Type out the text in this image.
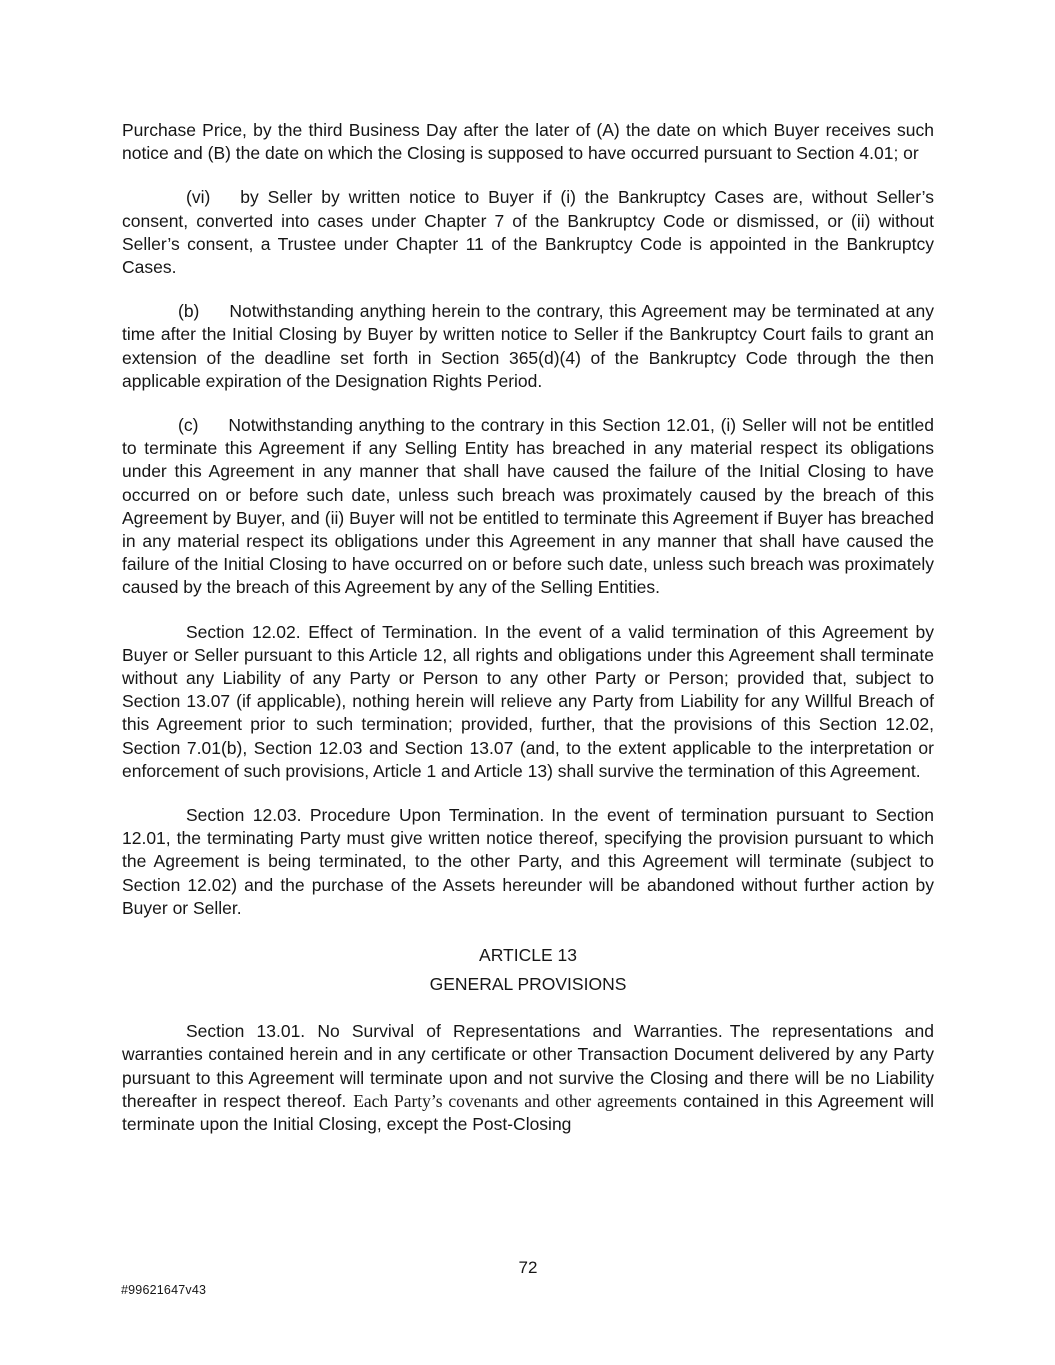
Purchase Price, by the third Business Day after the later of (A) the date on which Buyer receives such notice and (B) the date on which the Closing is supposed to have occurred pursuant to Section 4.01; or

(vi) by Seller by written notice to Buyer if (i) the Bankruptcy Cases are, without Seller’s consent, converted into cases under Chapter 7 of the Bankruptcy Code or dismissed, or (ii) without Seller’s consent, a Trustee under Chapter 11 of the Bankruptcy Code is appointed in the Bankruptcy Cases.

(b) Notwithstanding anything herein to the contrary, this Agreement may be terminated at any time after the Initial Closing by Buyer by written notice to Seller if the Bankruptcy Court fails to grant an extension of the deadline set forth in Section 365(d)(4) of the Bankruptcy Code through the then applicable expiration of the Designation Rights Period.

(c) Notwithstanding anything to the contrary in this Section 12.01, (i) Seller will not be entitled to terminate this Agreement if any Selling Entity has breached in any material respect its obligations under this Agreement in any manner that shall have caused the failure of the Initial Closing to have occurred on or before such date, unless such breach was proximately caused by the breach of this Agreement by Buyer, and (ii) Buyer will not be entitled to terminate this Agreement if Buyer has breached in any material respect its obligations under this Agreement in any manner that shall have caused the failure of the Initial Closing to have occurred on or before such date, unless such breach was proximately caused by the breach of this Agreement by any of the Selling Entities.

Section 12.02. Effect of Termination. In the event of a valid termination of this Agreement by Buyer or Seller pursuant to this Article 12, all rights and obligations under this Agreement shall terminate without any Liability of any Party or Person to any other Party or Person; provided that, subject to Section 13.07 (if applicable), nothing herein will relieve any Party from Liability for any Willful Breach of this Agreement prior to such termination; provided, further, that the provisions of this Section 12.02, Section 7.01(b), Section 12.03 and Section 13.07 (and, to the extent applicable to the interpretation or enforcement of such provisions, Article 1 and Article 13) shall survive the termination of this Agreement.

Section 12.03. Procedure Upon Termination. In the event of termination pursuant to Section 12.01, the terminating Party must give written notice thereof, specifying the provision pursuant to which the Agreement is being terminated, to the other Party, and this Agreement will terminate (subject to Section 12.02) and the purchase of the Assets hereunder will be abandoned without further action by Buyer or Seller.

ARTICLE 13
GENERAL PROVISIONS

Section 13.01. No Survival of Representations and Warranties. The representations and warranties contained herein and in any certificate or other Transaction Document delivered by any Party pursuant to this Agreement will terminate upon and not survive the Closing and there will be no Liability thereafter in respect thereof. Each Party’s covenants and other agreements contained in this Agreement will terminate upon the Initial Closing, except the Post-Closing

72
#99621647v43
